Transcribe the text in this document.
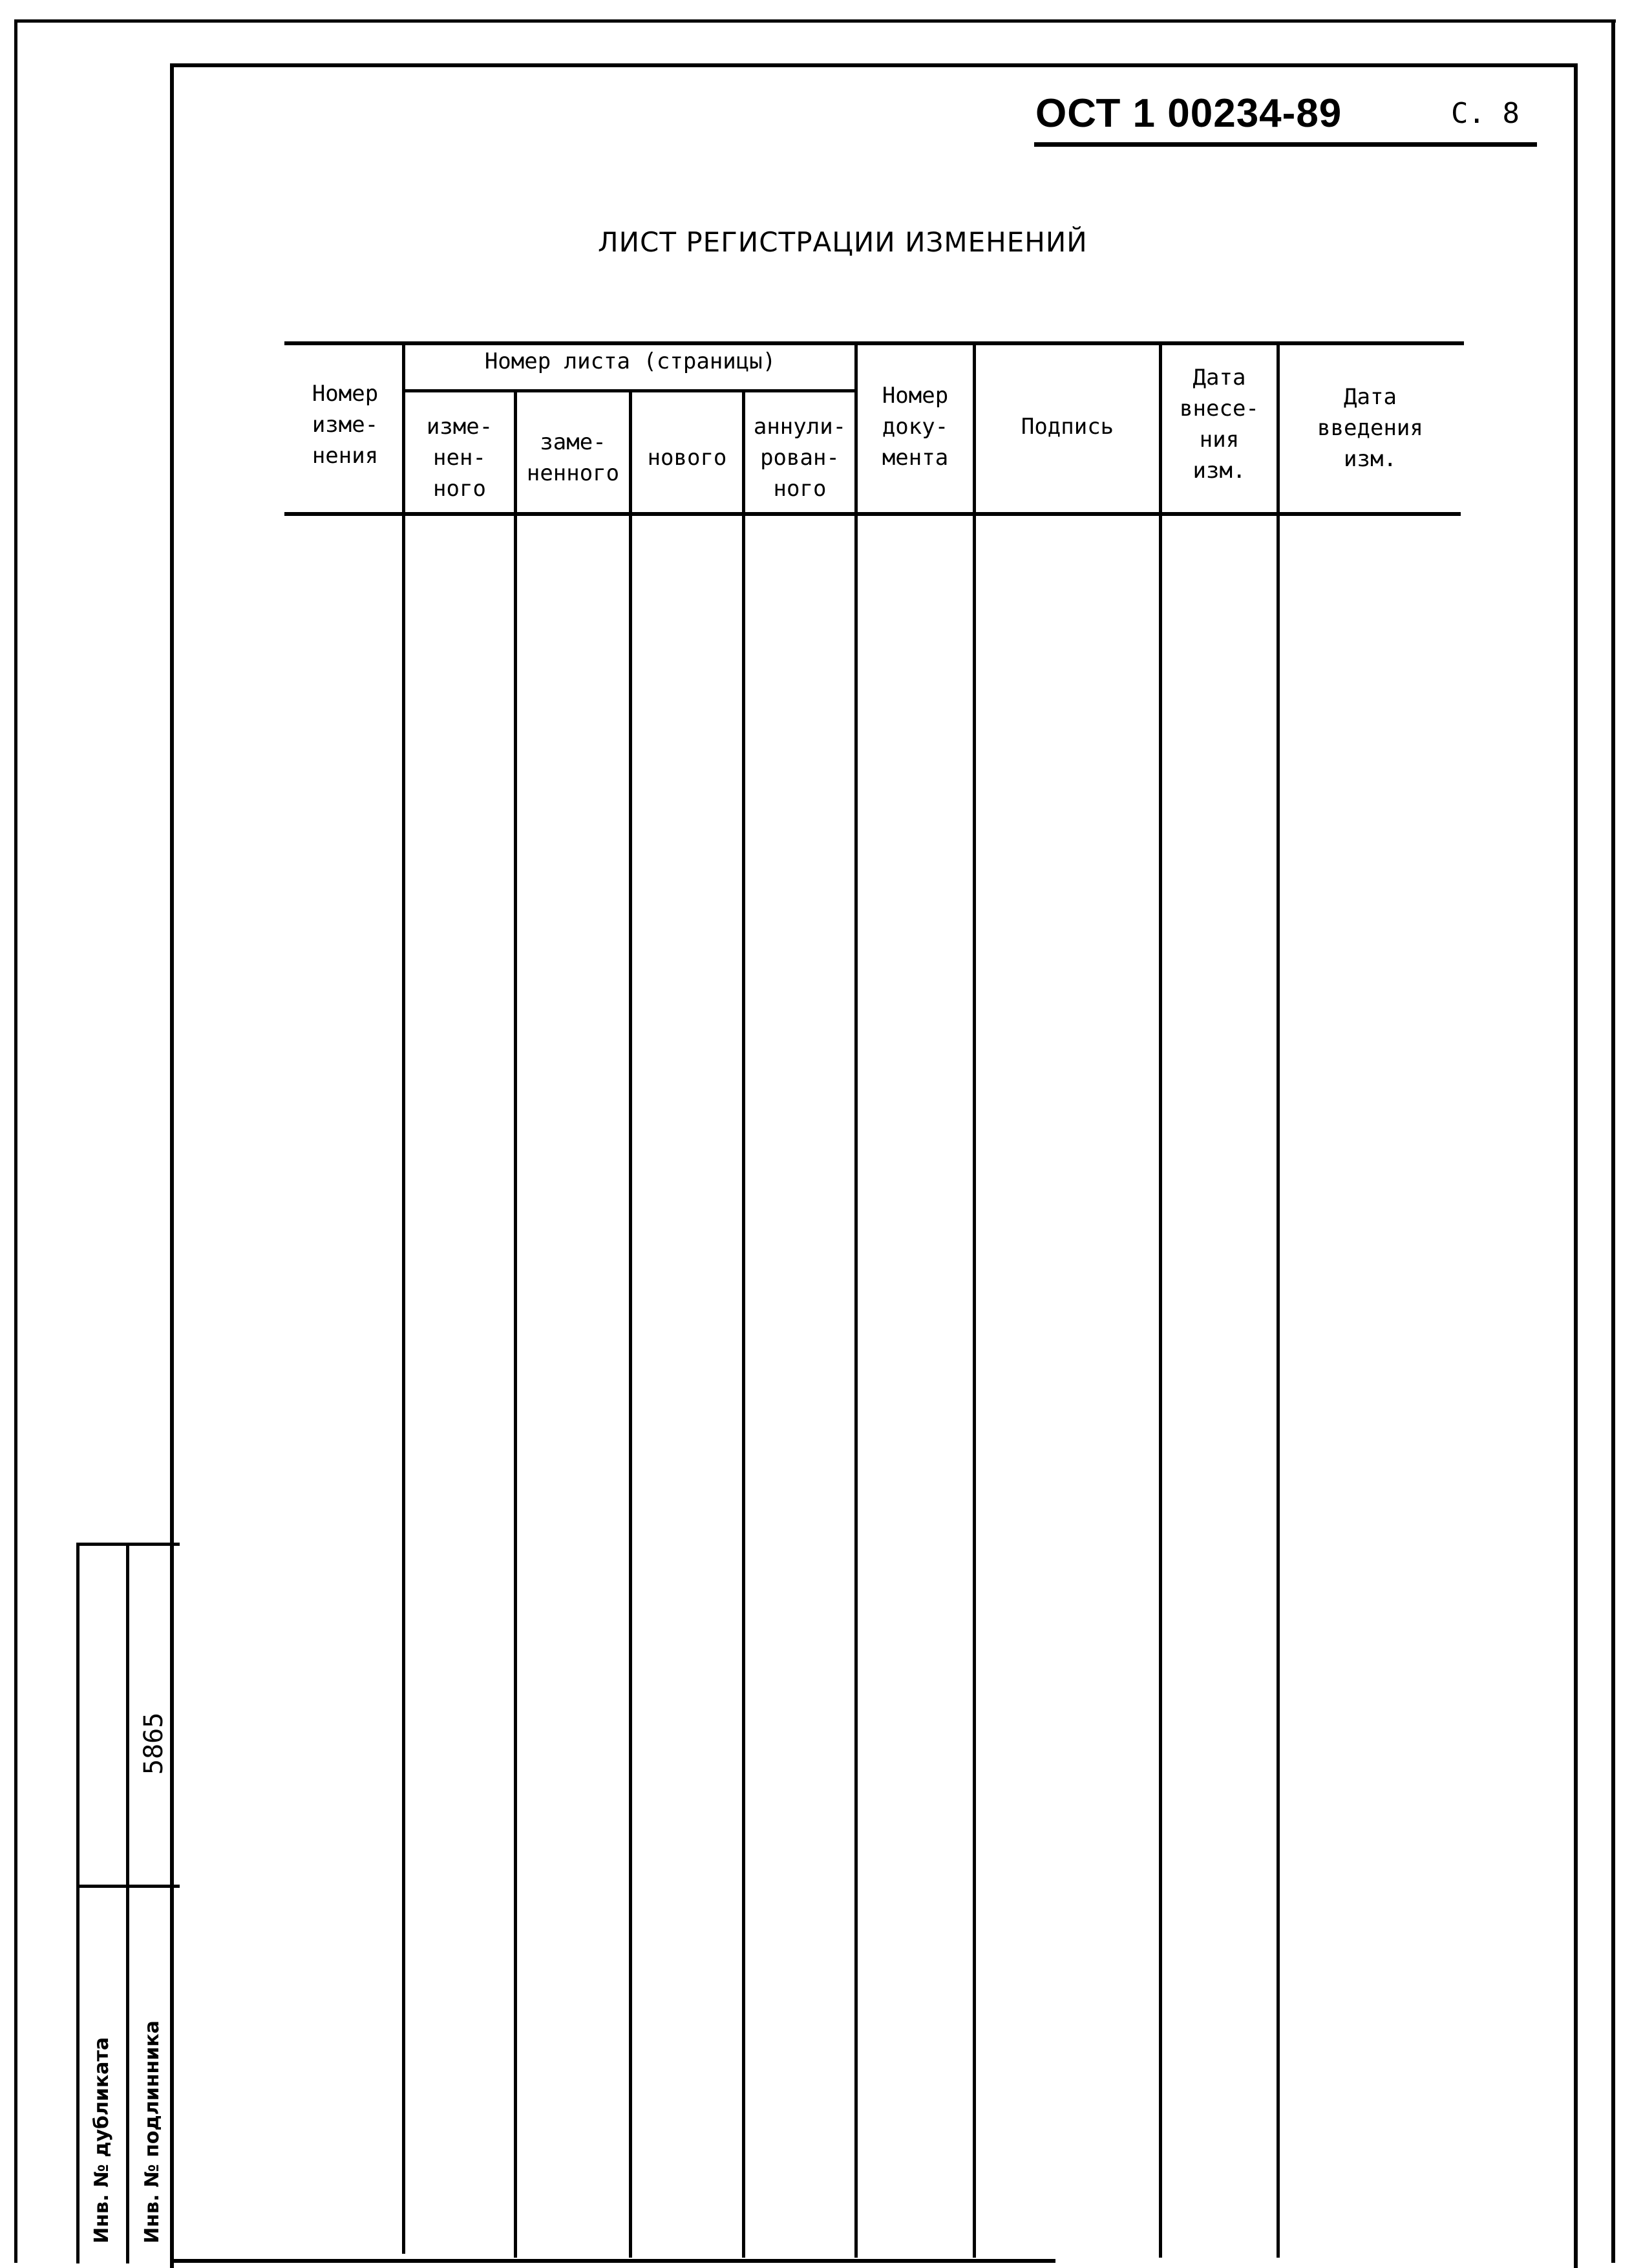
ОСТ 1 00234-89	С. 8
ЛИСТ РЕГИСТРАЦИИ ИЗМЕНЕНИЙ
Номер листа (страницы)
Номер
изме-
нения
изме-
нен-
ного
заме-
ненного
нового
аннули-
рован-
ного
Номер
доку-
мента
Подпись
Дата
внесе-
ния
изм.
Дата
введения
изм.
Инв. № дубликата Инв. № подлинника
5865
